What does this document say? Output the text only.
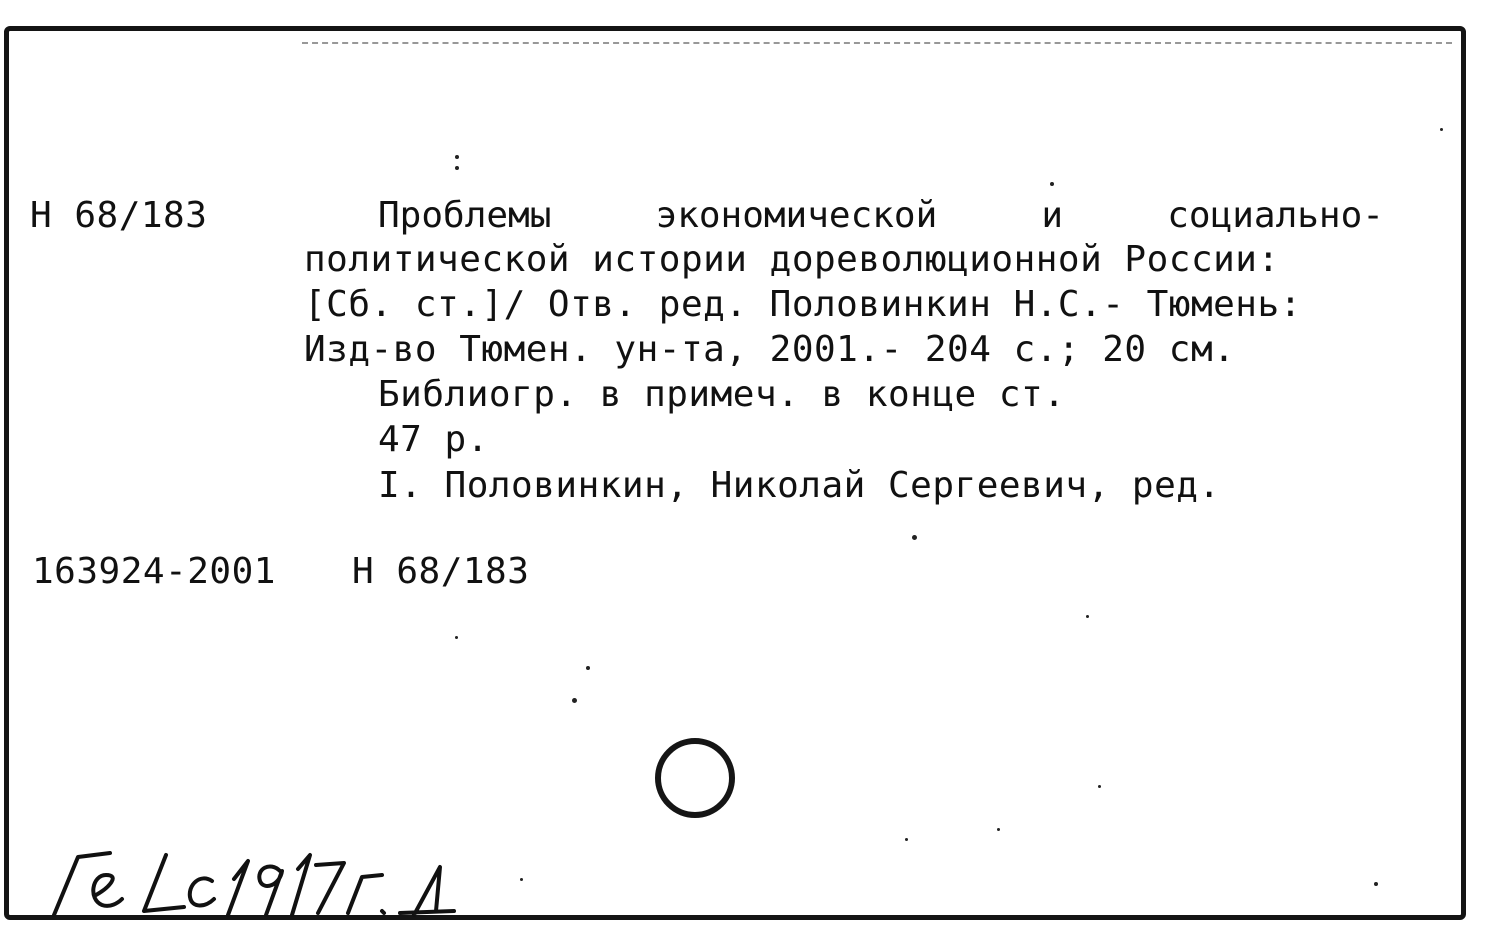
Н 68/183	Проблемы	экономической	и	социально-
политической истории дореволюционной России:
[Сб. ст.]/ Отв. ред. Половинкин Н.С.- Тюмень:
Изд-во Тюмен. ун-та, 2001.- 204 с.; 20 см.
Библиогр. в примеч. в конце ст.
47 р.
I. Половинкин, Николай Сергеевич, ред.
163924-2001 Н 68/183
